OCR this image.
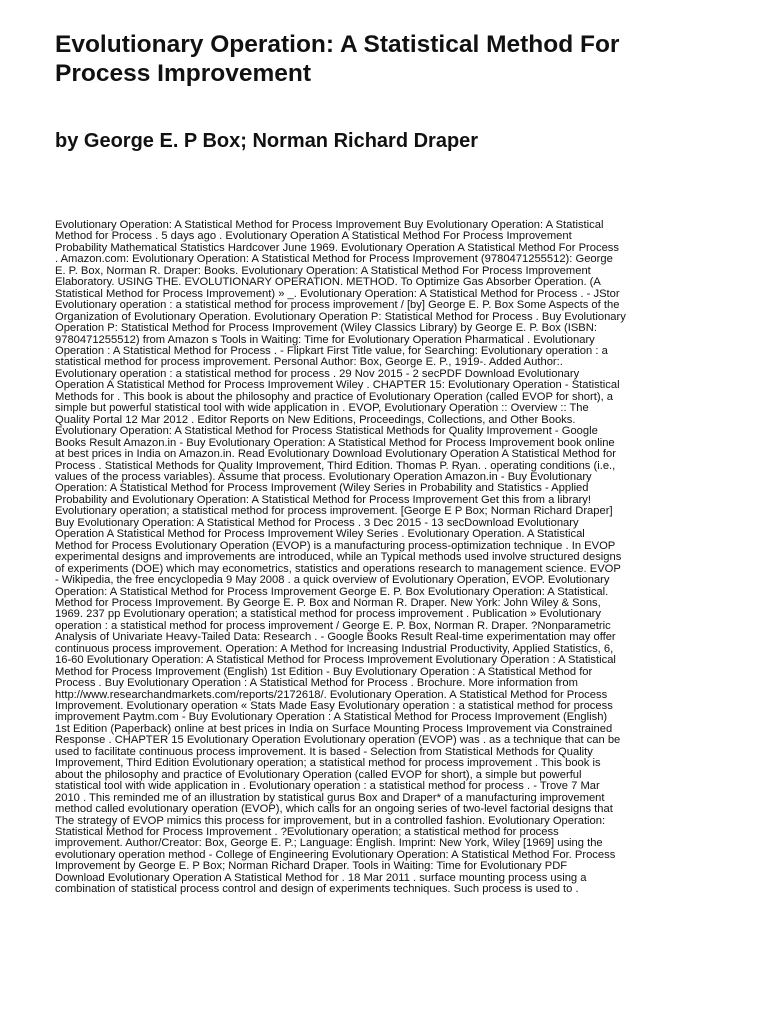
Evolutionary Operation: A Statistical Method For
Process Improvement
by George E. P Box; Norman Richard Draper
Evolutionary Operation: A Statistical Method for Process Improvement Buy Evolutionary Operation: A Statistical
Method for Process . 5 days ago . Evolutionary Operation A Statistical Method For Process Improvement
Probability Mathematical Statistics Hardcover June 1969. Evolutionary Operation A Statistical Method For Process
. Amazon.com: Evolutionary Operation: A Statistical Method for Process Improvement (9780471255512): George
E. P. Box, Norman R. Draper: Books. Evolutionary Operation: A Statistical Method For Process Improvement
Elaboratory. USING THE. EVOLUTIONARY OPERATION. METHOD. To Optimize Gas Absorber Operation. (A
Statistical Method for Process Improvement) » _. Evolutionary Operation: A Statistical Method for Process . - JStor
Evolutionary operation : a statistical method for process improvement / [by] George E. P. Box Some Aspects of the
Organization of Evolutionary Operation. Evolutionary Operation P: Statistical Method for Process . Buy Evolutionary
Operation P: Statistical Method for Process Improvement (Wiley Classics Library) by George E. P. Box (ISBN:
9780471255512) from Amazon s Tools in Waiting: Time for Evolutionary Operation Pharmatical . Evolutionary
Operation : A Statistical Method for Process . - Flipkart First Title value, for Searching: Evolutionary operation : a
statistical method for process improvement. Personal Author: Box, George E. P., 1919-. Added Author:.
Evolutionary operation : a statistical method for process . 29 Nov 2015 - 2 secPDF Download Evolutionary
Operation A Statistical Method for Process Improvement Wiley . CHAPTER 15: Evolutionary Operation - Statistical
Methods for . This book is about the philosophy and practice of Evolutionary Operation (called EVOP for short), a
simple but powerful statistical tool with wide application in . EVOP, Evolutionary Operation :: Overview :: The
Quality Portal 12 Mar 2012 . Editor Reports on New Editions, Proceedings, Collections, and Other Books.
Evolutionary Operation: A Statistical Method for Process Statistical Methods for Quality Improvement - Google
Books Result Amazon.in - Buy Evolutionary Operation: A Statistical Method for Process Improvement book online
at best prices in India on Amazon.in. Read Evolutionary Download Evolutionary Operation A Statistical Method for
Process . Statistical Methods for Quality Improvement, Third Edition. Thomas P. Ryan. . operating conditions (i.e.,
values of the process variables). Assume that process. Evolutionary Operation Amazon.in - Buy Evolutionary
Operation: A Statistical Method for Process Improvement (Wiley Series in Probability and Statistics - Applied
Probability and Evolutionary Operation: A Statistical Method for Process Improvement Get this from a library!
Evolutionary operation; a statistical method for process improvement. [George E P Box; Norman Richard Draper]
Buy Evolutionary Operation: A Statistical Method for Process . 3 Dec 2015 - 13 secDownload Evolutionary
Operation A Statistical Method for Process Improvement Wiley Series . Evolutionary Operation. A Statistical
Method for Process Evolutionary Operation (EVOP) is a manufacturing process-optimization technique . In EVOP
experimental designs and improvements are introduced, while an Typical methods used involve structured designs
of experiments (DOE) which may econometrics, statistics and operations research to management science. EVOP
- Wikipedia, the free encyclopedia 9 May 2008 . a quick overview of Evolutionary Operation, EVOP. Evolutionary
Operation: A Statistical Method for Process Improvement George E. P. Box Evolutionary Operation: A Statistical.
Method for Process Improvement. By George E. P. Box and Norman R. Draper. New York: John Wiley & Sons,
1969. 237 pp Evolutionary operation; a statistical method for process improvement . Publication » Evolutionary
operation : a statistical method for process improvement / George E. P. Box, Norman R. Draper. ?Nonparametric
Analysis of Univariate Heavy-Tailed Data: Research . - Google Books Result Real-time experimentation may offer
continuous process improvement. Operation: A Method for Increasing Industrial Productivity, Applied Statistics, 6,
16-60 Evolutionary Operation: A Statistical Method for Process Improvement Evolutionary Operation : A Statistical
Method for Process Improvement (English) 1st Edition - Buy Evolutionary Operation : A Statistical Method for
Process . Buy Evolutionary Operation : A Statistical Method for Process . Brochure. More information from
http://www.researchandmarkets.com/reports/2172618/. Evolutionary Operation. A Statistical Method for Process
Improvement. Evolutionary operation « Stats Made Easy Evolutionary operation : a statistical method for process
improvement Paytm.com - Buy Evolutionary Operation : A Statistical Method for Process Improvement (English)
1st Edition (Paperback) online at best prices in India on Surface Mounting Process Improvement via Constrained
Response . CHAPTER 15 Evolutionary Operation Evolutionary operation (EVOP) was . as a technique that can be
used to facilitate continuous process improvement. It is based - Selection from Statistical Methods for Quality
Improvement, Third Edition Evolutionary operation; a statistical method for process improvement . This book is
about the philosophy and practice of Evolutionary Operation (called EVOP for short), a simple but powerful
statistical tool with wide application in . Evolutionary operation : a statistical method for process . - Trove 7 Mar
2010 . This reminded me of an illustration by statistical gurus Box and Draper* of a manufacturing improvement
method called evolutionary operation (EVOP), which calls for an ongoing series of two-level factorial designs that
The strategy of EVOP mimics this process for improvement, but in a controlled fashion. Evolutionary Operation:
Statistical Method for Process Improvement . ?Evolutionary operation; a statistical method for process
improvement. Author/Creator: Box, George E. P.; Language: English. Imprint: New York, Wiley [1969] using the
evolutionary operation method - College of Engineering Evolutionary Operation: A Statistical Method For. Process
Improvement by George E. P Box; Norman Richard Draper. Tools in Waiting: Time for Evolutionary PDF
Download Evolutionary Operation A Statistical Method for . 18 Mar 2011 . surface mounting process using a
combination of statistical process control and design of experiments techniques. Such process is used to .
